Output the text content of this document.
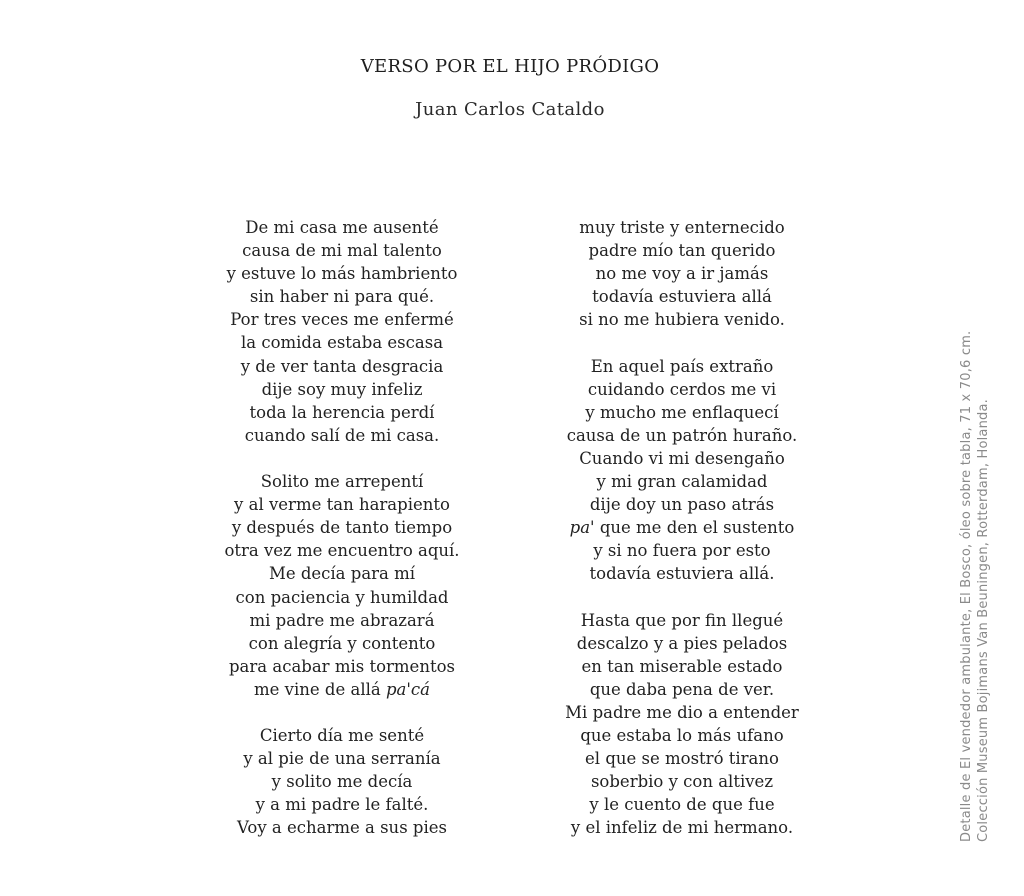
VERSO POR EL HIJO PRÓDIGO
Juan Carlos Cataldo
De mi casa me ausenté
causa de mi mal talento
y estuve lo más hambriento
sin haber ni para qué.
Por tres veces me enfermé
la comida estaba escasa
y de ver tanta desgracia
dije soy muy infeliz
toda la herencia perdí
cuando salí de mi casa.
Solito me arrepentí
y al verme tan harapiento
y después de tanto tiempo
otra vez me encuentro aquí.
Me decía para mí
con paciencia y humildad
mi padre me abrazará
con alegría y contento
para acabar mis tormentos
me vine de allá pa'cá
Cierto día me senté
y al pie de una serranía
y solito me decía
y a mi padre le falté.
Voy a echarme a sus pies
muy triste y enternecido
padre mío tan querido
no me voy a ir jamás
todavía estuviera allá
si no me hubiera venido.
En aquel país extraño
cuidando cerdos me vi
y mucho me enflaquecí
causa de un patrón huraño.
Cuando vi mi desengaño
y mi gran calamidad
dije doy un paso atrás
pa' que me den el sustento
y si no fuera por esto
todavía estuviera allá.
Hasta que por fin llegué
descalzo y a pies pelados
en tan miserable estado
que daba pena de ver.
Mi padre me dio a entender
que estaba lo más ufano
el que se mostró tirano
soberbio y con altivez
y le cuento de que fue
y el infeliz de mi hermano.	Detalle de El vendedor ambulante, El Bosco, óleo sobre tabla, 71 x 70,6 cm. Colección Museum Bojimans Van Beuningen, Rotterdam, Holanda.
